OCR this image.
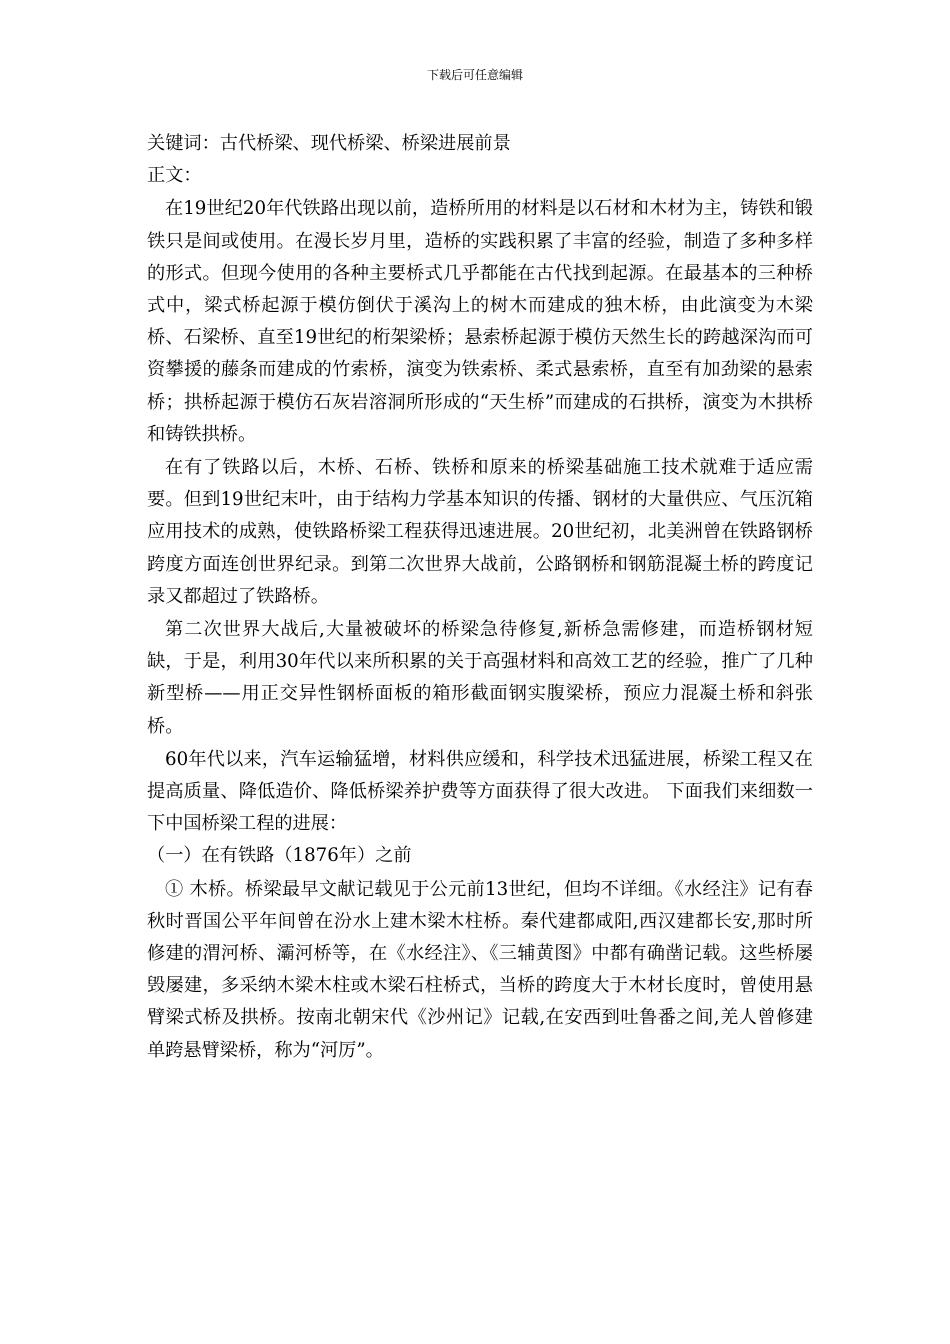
下载后可任意编辑

关键词：古代桥梁、现代桥梁、桥梁进展前景

正文：

在19世纪20年代铁路出现以前，造桥所用的材料是以石材和木材为主，铸铁和锻铁只是间或使用。在漫长岁月里，造桥的实践积累了丰富的经验，制造了多种多样的形式。但现今使用的各种主要桥式几乎都能在古代找到起源。在最基本的三种桥式中，梁式桥起源于模仿倒伏于溪沟上的树木而建成的独木桥，由此演变为木梁桥、石梁桥、直至19世纪的桁架梁桥；悬索桥起源于模仿天然生长的跨越深沟而可资攀援的藤条而建成的竹索桥，演变为铁索桥、柔式悬索桥，直至有加劲梁的悬索桥；拱桥起源于模仿石灰岩溶洞所形成的“天生桥”而建成的石拱桥，演变为木拱桥和铸铁拱桥。

在有了铁路以后，木桥、石桥、铁桥和原来的桥梁基础施工技术就难于适应需要。但到19世纪末叶，由于结构力学基本知识的传播、钢材的大量供应、气压沉箱应用技术的成熟，使铁路桥梁工程获得迅速进展。20世纪初，北美洲曾在铁路钢桥跨度方面连创世界纪录。到第二次世界大战前，公路钢桥和钢筋混凝土桥的跨度记录又都超过了铁路桥。

第二次世界大战后,大量被破坏的桥梁急待修复,新桥急需修建，而造桥钢材短缺，于是，利用30年代以来所积累的关于高强材料和高效工艺的经验，推广了几种新型桥——用正交异性钢桥面板的箱形截面钢实腹梁桥，预应力混凝土桥和斜张桥。

60年代以来，汽车运输猛增，材料供应缓和，科学技术迅猛进展，桥梁工程又在提高质量、降低造价、降低桥梁养护费等方面获得了很大改进。 下面我们来细数一下中国桥梁工程的进展：

（一）在有铁路（1876年）之前

① 木桥。桥梁最早文献记载见于公元前13世纪，但均不详细。《水经注》记有春秋时晋国公平年间曾在汾水上建木梁木柱桥。秦代建都咸阳,西汉建都长安,那时所修建的渭河桥、灞河桥等，在《水经注》、《三辅黄图》中都有确凿记载。这些桥屡毁屡建，多采纳木梁木柱或木梁石柱桥式，当桥的跨度大于木材长度时，曾使用悬臂梁式桥及拱桥。按南北朝宋代《沙州记》记载,在安西到吐鲁番之间,羌人曾修建单跨悬臂梁桥，称为“河厉”。
